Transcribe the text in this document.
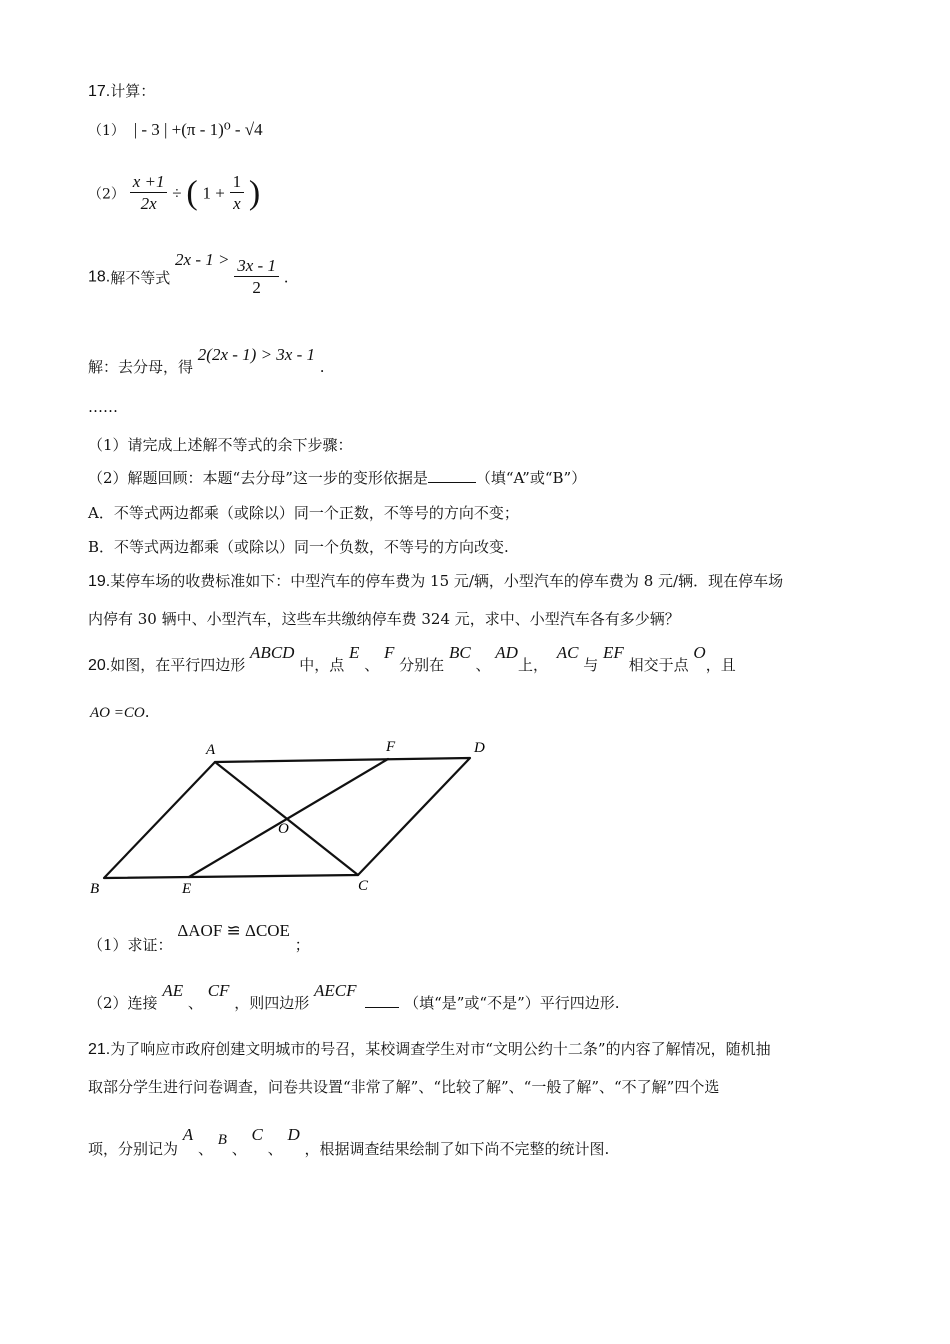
17.计算：
（1） | - 3 | +(π - 1)⁰ - √4
$(2) \frac{x +1}{2x}$ ÷ ( $1 + \frac{1}{x}$ )
18.解不等式 $2x - 1 > \frac{3x - 1}{2}$ .
解：去分母，得 2(2x - 1) > 3x - 1 .
……
（1）请完成上述解不等式的余下步骤：
（2）解题回顾：本题“去分母”这一步的变形依据是	（填“A”或“B”）
A．不等式两边都乘（或除以）同一个正数，不等号的方向不变；
B．不等式两边都乘（或除以）同一个负数，不等号的方向改变.
19.某停车场的收费标准如下：中型汽车的停车费为 15 元/辆，小型汽车的停车费为 8 元/辆．现在停车场
内停有 30 辆中、小型汽车，这些车共缴纳停车费 324 元，求中、小型汽车各有多少辆？
20.如图，在平行四边形 ABCD 中，点 E 、 F 分别在 BC 、 AD上， AC 与 EF 相交于点 O，且
AO =CO.
A	F	D
O
B	E	C
（1）求证： ΔAOF ≌ ΔCOE ；
（2）连接 AE 、 CF ，则四边形 AECF  （填“是”或“不是”）平行四边形.
21.为了响应市政府创建文明城市的号召，某校调查学生对市“文明公约十二条”的内容了解情况，随机抽
取部分学生进行问卷调查，问卷共设置“非常了解”、“比较了解”、“一般了解”、“不了解”四个选
项，分别记为 A 、 B 、 C 、 D ，根据调查结果绘制了如下尚不完整的统计图.
